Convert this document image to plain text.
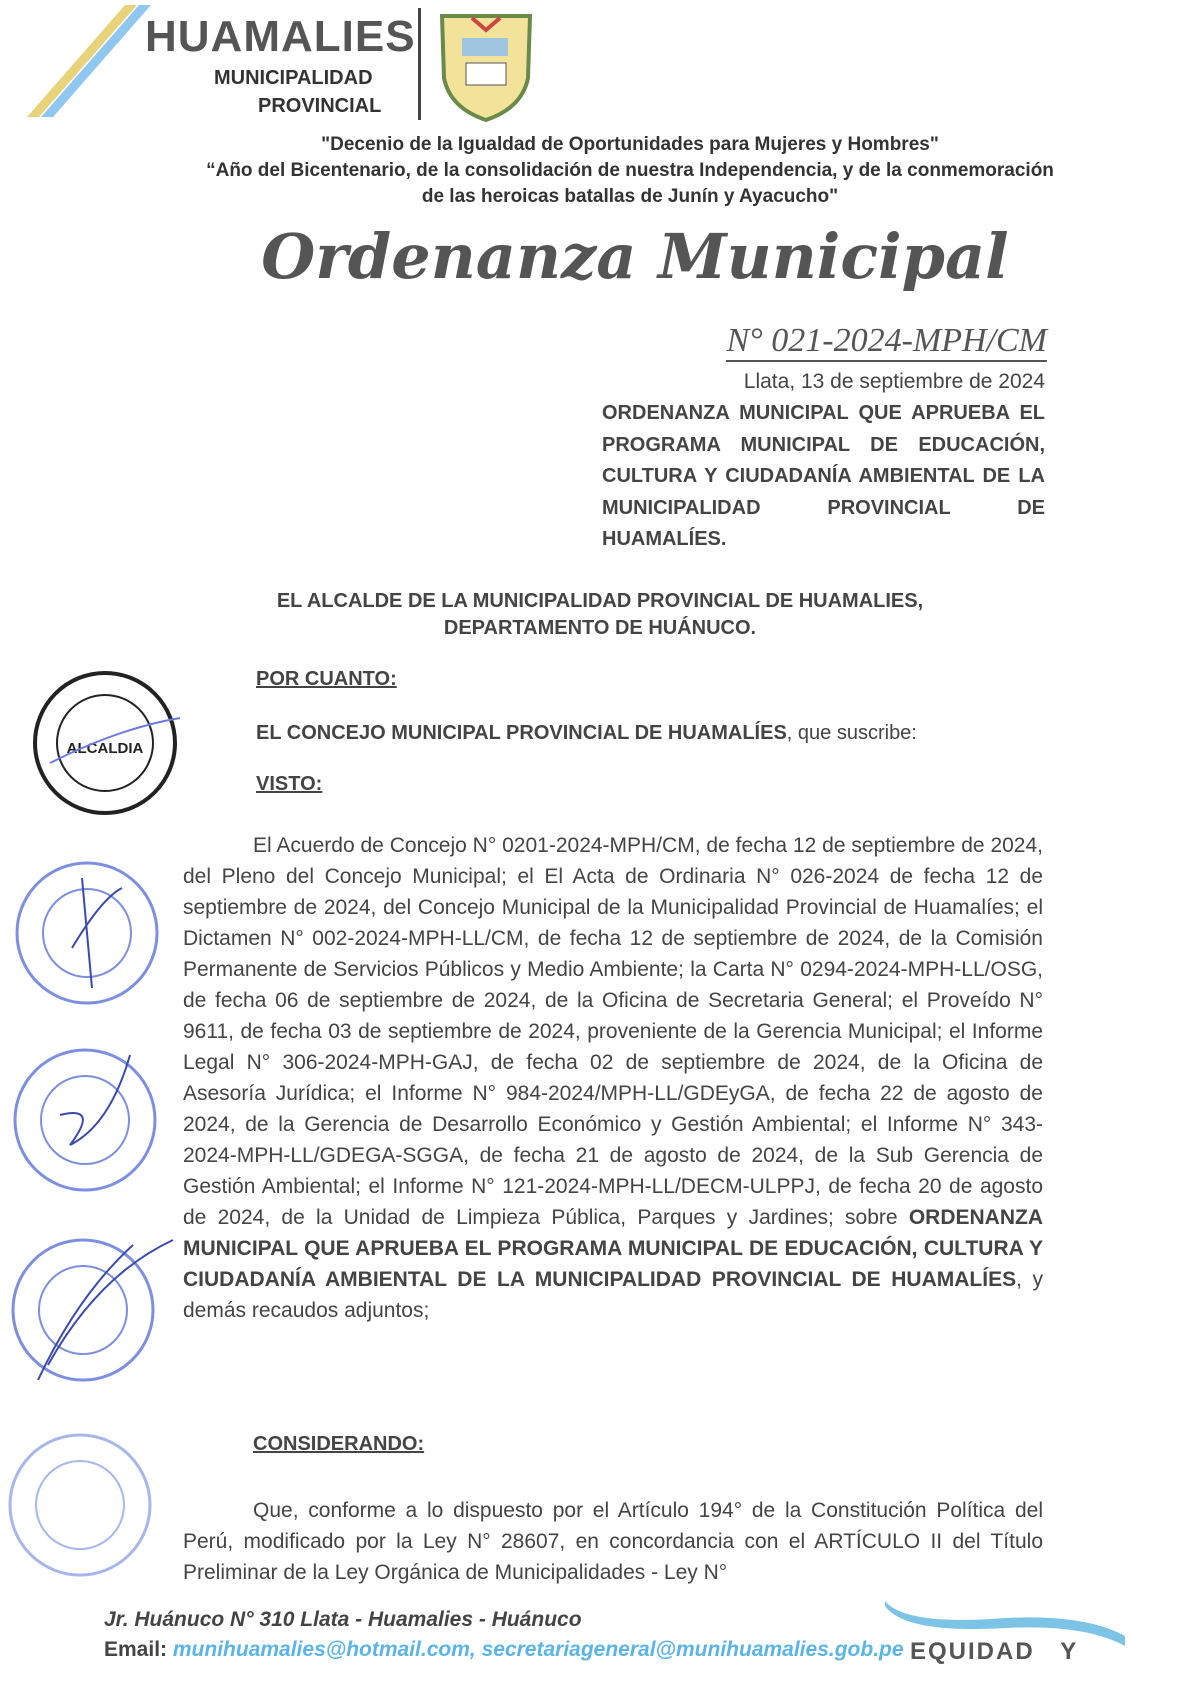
HUAMALIES
MUNICIPALIDAD
PROVINCIAL
"Decenio de la Igualdad de Oportunidades para Mujeres y Hombres"
“Año del Bicentenario, de la consolidación de nuestra Independencia, y de la conmemoración de las heroicas batallas de Junín y Ayacucho"
Ordenanza Municipal
N° 021-2024-MPH/CM
Llata, 13 de septiembre de 2024
ORDENANZA MUNICIPAL QUE APRUEBA EL PROGRAMA MUNICIPAL DE EDUCACIÓN, CULTURA Y CIUDADANÍA AMBIENTAL DE LA MUNICIPALIDAD PROVINCIAL DE HUAMALÍES.
EL ALCALDE DE LA MUNICIPALIDAD PROVINCIAL DE HUAMALIES,
DEPARTAMENTO DE HUÁNUCO.
POR CUANTO:
EL CONCEJO MUNICIPAL PROVINCIAL DE HUAMALÍES, que suscribe:
VISTO:
El Acuerdo de Concejo N° 0201-2024-MPH/CM, de fecha 12 de septiembre de 2024, del Pleno del Concejo Municipal; el El Acta de Ordinaria N° 026-2024 de fecha 12 de septiembre de 2024, del Concejo Municipal de la Municipalidad Provincial de Huamalíes; el Dictamen N° 002-2024-MPH-LL/CM, de fecha 12 de septiembre de 2024, de la Comisión Permanente de Servicios Públicos y Medio Ambiente; la Carta N° 0294-2024-MPH-LL/OSG, de fecha 06 de septiembre de 2024, de la Oficina de Secretaria General; el Proveído N° 9611, de fecha 03 de septiembre de 2024, proveniente de la Gerencia Municipal; el Informe Legal N° 306-2024-MPH-GAJ, de fecha 02 de septiembre de 2024, de la Oficina de Asesoría Jurídica; el Informe N° 984-2024/MPH-LL/GDEyGA, de fecha 22 de agosto de 2024, de la Gerencia de Desarrollo Económico y Gestión Ambiental; el Informe N° 343-2024-MPH-LL/GDEGA-SGGA, de fecha 21 de agosto de 2024, de la Sub Gerencia de Gestión Ambiental; el Informe N° 121-2024-MPH-LL/DECM-ULPPJ, de fecha 20 de agosto de 2024, de la Unidad de Limpieza Pública, Parques y Jardines; sobre ORDENANZA MUNICIPAL QUE APRUEBA EL PROGRAMA MUNICIPAL DE EDUCACIÓN, CULTURA Y CIUDADANÍA AMBIENTAL DE LA MUNICIPALIDAD PROVINCIAL DE HUAMALÍES, y demás recaudos adjuntos;
CONSIDERANDO:
Que, conforme a lo dispuesto por el Artículo 194° de la Constitución Política del Perú, modificado por la Ley N° 28607, en concordancia con el ARTÍCULO II del Título Preliminar de la Ley Orgánica de Municipalidades - Ley N°
ALCALDIA
Jr. Huánuco N° 310 Llata - Huamalies - Huánuco
Email: munihuamalies@hotmail.com, secretariageneral@munihuamalies.gob.pe EQUIDAD   Y
